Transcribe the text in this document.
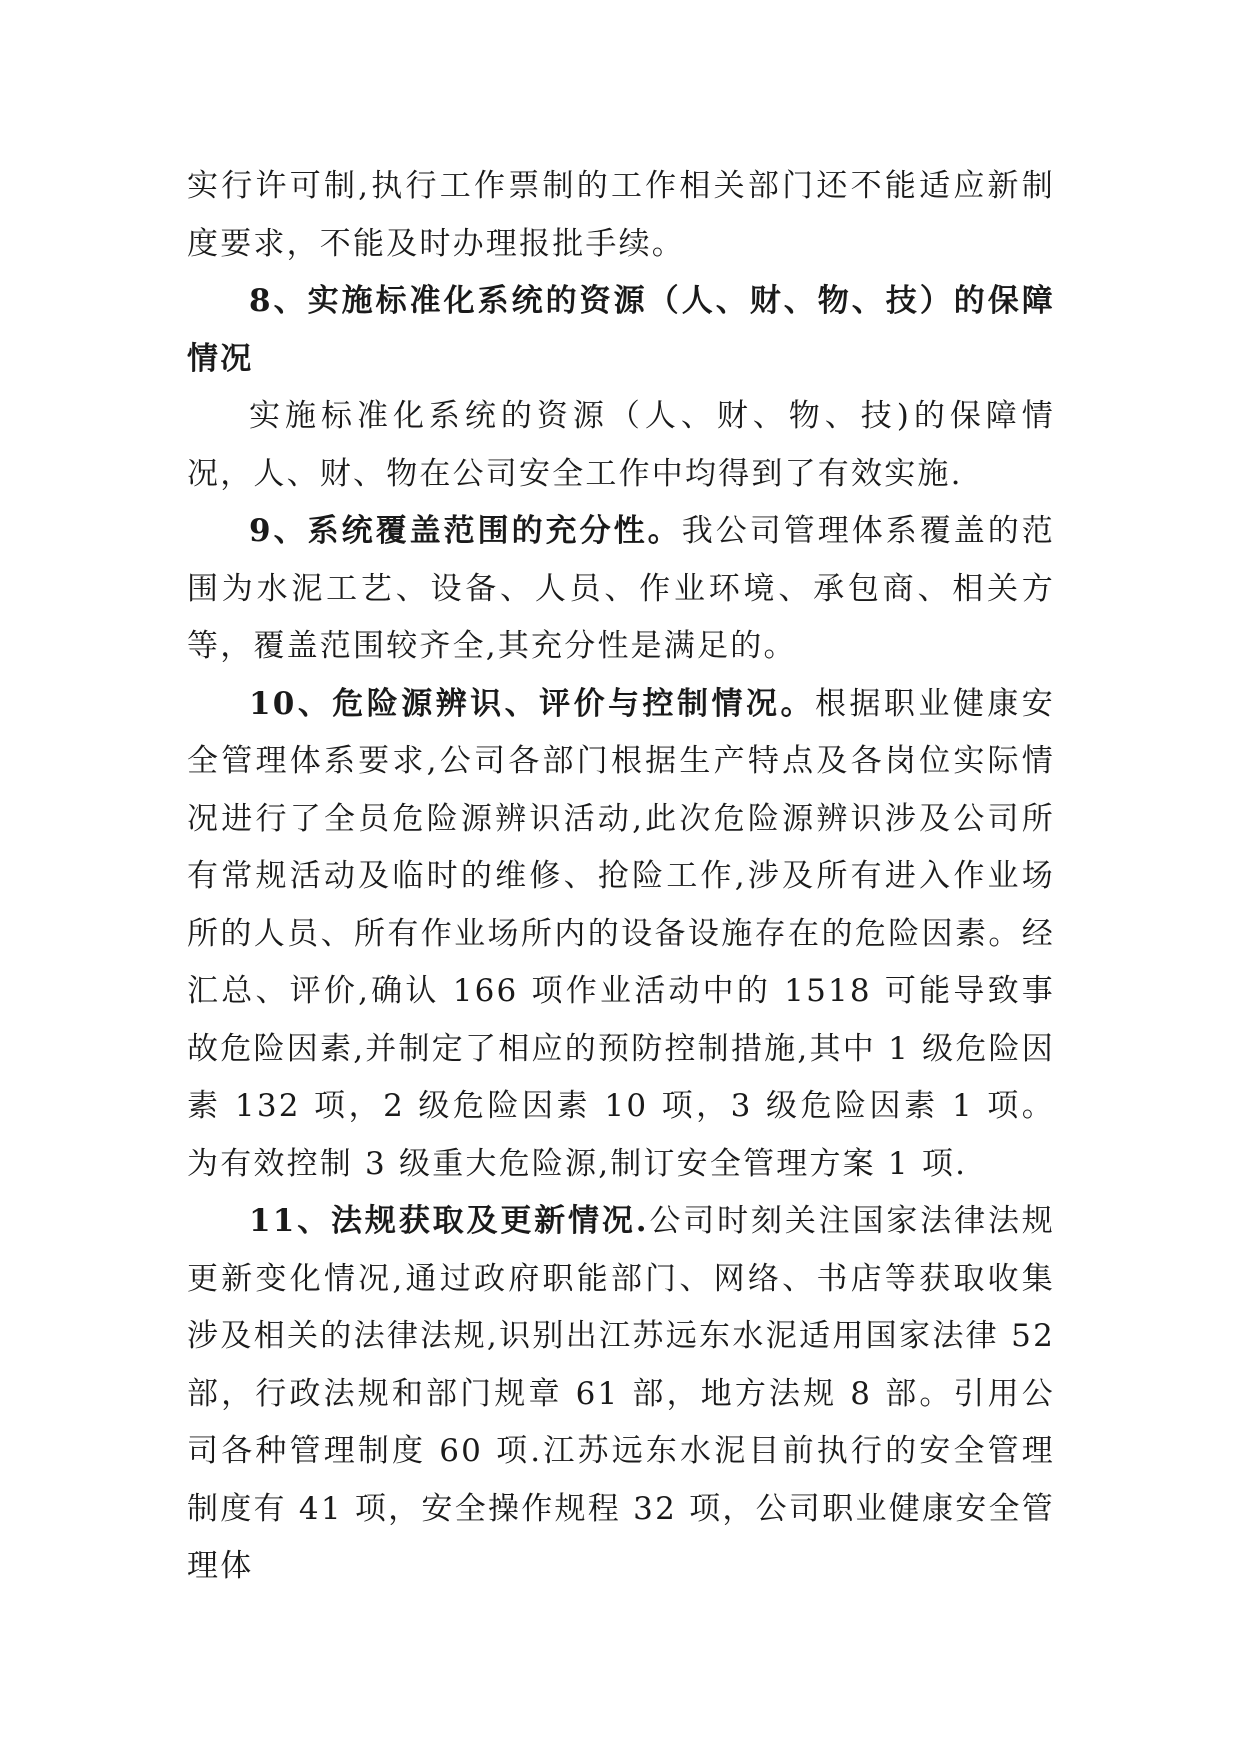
实行许可制,执行工作票制的工作相关部门还不能适应新制度要求，不能及时办理报批手续。

8、实施标准化系统的资源（人、财、物、技）的保障情况

实施标准化系统的资源（人、财、物、技)的保障情况，人、财、物在公司安全工作中均得到了有效实施.

9、系统覆盖范围的充分性。我公司管理体系覆盖的范围为水泥工艺、设备、人员、作业环境、承包商、相关方等，覆盖范围较齐全,其充分性是满足的。

10、危险源辨识、评价与控制情况。根据职业健康安全管理体系要求,公司各部门根据生产特点及各岗位实际情况进行了全员危险源辨识活动,此次危险源辨识涉及公司所有常规活动及临时的维修、抢险工作,涉及所有进入作业场所的人员、所有作业场所内的设备设施存在的危险因素。经汇总、评价,确认 166 项作业活动中的 1518 可能导致事故危险因素,并制定了相应的预防控制措施,其中 1 级危险因素 132 项，2 级危险因素 10 项，3 级危险因素 1 项。为有效控制 3 级重大危险源,制订安全管理方案 1 项.

11、法规获取及更新情况.公司时刻关注国家法律法规更新变化情况,通过政府职能部门、网络、书店等获取收集涉及相关的法律法规,识别出江苏远东水泥适用国家法律 52 部，行政法规和部门规章 61 部，地方法规 8 部。引用公司各种管理制度 60 项.江苏远东水泥目前执行的安全管理制度有 41 项，安全操作规程 32 项，公司职业健康安全管理体
